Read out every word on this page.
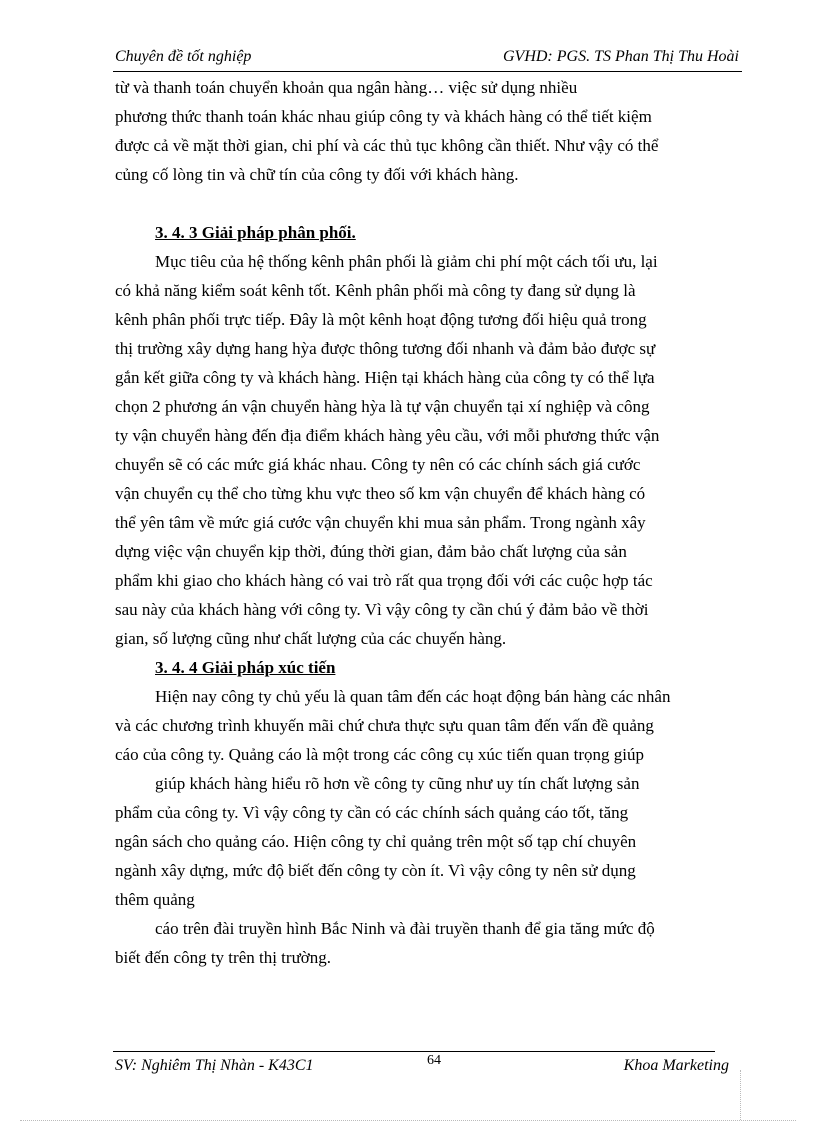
Chuyên đề tốt nghiệp	GVHD: PGS. TS Phan Thị Thu Hoài
từ và thanh toán chuyển khoản qua ngân hàng… việc sử dụng nhiều
phương thức thanh toán khác nhau giúp công ty và khách hàng có thể tiết kiệm
được cả về mặt thời gian, chi phí và các thủ tục không cần thiết. Như vậy có thể
củng cố lòng tin và chữ tín của công ty đối với khách hàng.
3. 4. 3 Giải pháp phân phối.
Mục tiêu của hệ thống kênh phân phối là giảm chi phí một cách tối ưu, lại
có khả năng kiểm soát kênh tốt. Kênh phân phối mà công ty đang sử dụng là
kênh phân phối trực tiếp. Đây là một kênh hoạt động tương đối hiệu quả trong
thị trường xây dựng hang hỳa được thông tương đối nhanh và đảm bảo được sự
gắn kết giữa công ty và khách hàng. Hiện tại khách hàng của công ty có thể lựa
chọn 2 phương án vận chuyển hàng hỳa là tự vận chuyển tại xí nghiệp và công
ty vận chuyển hàng đến địa điểm khách hàng yêu cầu, với mỗi phương thức vận
chuyển sẽ có các mức giá khác nhau. Công ty nên có các chính sách giá cước
vận chuyển cụ thể cho từng khu vực theo số km vận chuyển để khách hàng có
thể yên tâm về mức giá cước vận chuyển khi mua sản phẩm. Trong ngành xây
dựng việc vận chuyển kịp thời, đúng thời gian, đảm bảo chất lượng của sản
phẩm khi giao cho khách hàng có vai trò rất qua trọng đối với các cuộc hợp tác
sau này của khách hàng với công ty. Vì vậy công ty cần chú ý đảm bảo về thời
gian, số lượng cũng như chất lượng của các chuyến hàng.
3. 4. 4 Giải pháp xúc tiến
Hiện nay công ty chủ yếu là quan tâm đến các hoạt động bán hàng các nhân
và các chương trình khuyến mãi chứ chưa thực sựu quan tâm đến vấn đề quảng
cáo của công ty. Quảng cáo là một trong các công cụ xúc tiến quan trọng giúp
giúp khách hàng hiểu rõ hơn về công ty cũng như uy tín chất lượng sản
phẩm của công ty. Vì vậy công ty cần có các chính sách quảng cáo tốt, tăng
ngân sách cho quảng cáo. Hiện công ty chỉ quảng trên một số tạp chí chuyên
ngành xây dựng, mức độ biết đến công ty còn ít. Vì vậy công ty nên sử dụng
thêm quảng
cáo trên đài truyền hình Bắc Ninh và đài truyền thanh để gia tăng mức độ
biết đến công ty trên thị trường.
SV: Nghiêm Thị Nhàn - K43C1	64	Khoa Marketing
